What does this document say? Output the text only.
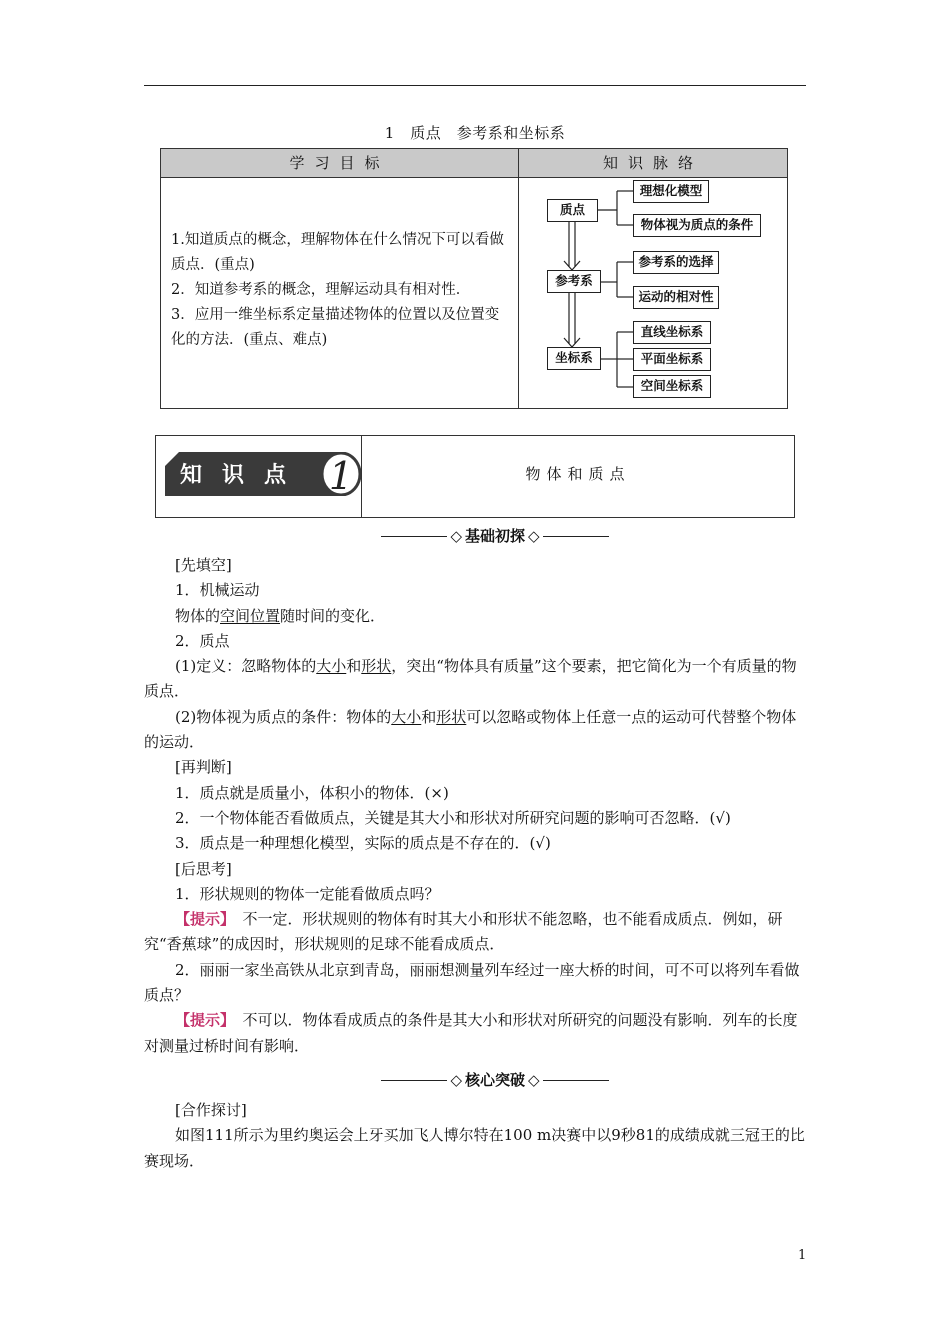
1　质点　参考系和坐标系
学习目标	知识脉络

1.知道质点的概念，理解物体在什么情况下可以看做质点．(重点)

2．知道参考系的概念，理解运动具有相对性．

3．应用一维坐标系定量描述物体的位置以及位置变化的方法．(重点、难点)

质点
理想化模型
物体视为质点的条件
参考系
参考系的选择
运动的相对性
坐标系
直线坐标系
平面坐标系
空间坐标系
1
知识点	物体和质点
◇ 基础初探 ◇

[先填空]

1．机械运动

物体的空间位置随时间的变化．

2．质点

(1)定义：忽略物体的大小和形状，突出“物体具有质量”这个要素，把它简化为一个有质量的物质点．

(2)物体视为质点的条件：物体的大小和形状可以忽略或物体上任意一点的运动可代替整个物体的运动．

[再判断]

1．质点就是质量小，体积小的物体．(×)

2．一个物体能否看做质点，关键是其大小和形状对所研究问题的影响可否忽略．(√)

3．质点是一种理想化模型，实际的质点是不存在的．(√)

[后思考]

1．形状规则的物体一定能看做质点吗？

【提示】　不一定．形状规则的物体有时其大小和形状不能忽略，也不能看成质点．例如，研究“香蕉球”的成因时，形状规则的足球不能看成质点．

2．丽丽一家坐高铁从北京到青岛，丽丽想测量列车经过一座大桥的时间，可不可以将列车看做质点？

【提示】　不可以．物体看成质点的条件是其大小和形状对所研究的问题没有影响．列车的长度对测量过桥时间有影响．

◇ 核心突破 ◇

[合作探讨]

如图111所示为里约奥运会上牙买加飞人博尔特在100 m决赛中以9秒81的成绩成就三冠王的比赛现场．

1
